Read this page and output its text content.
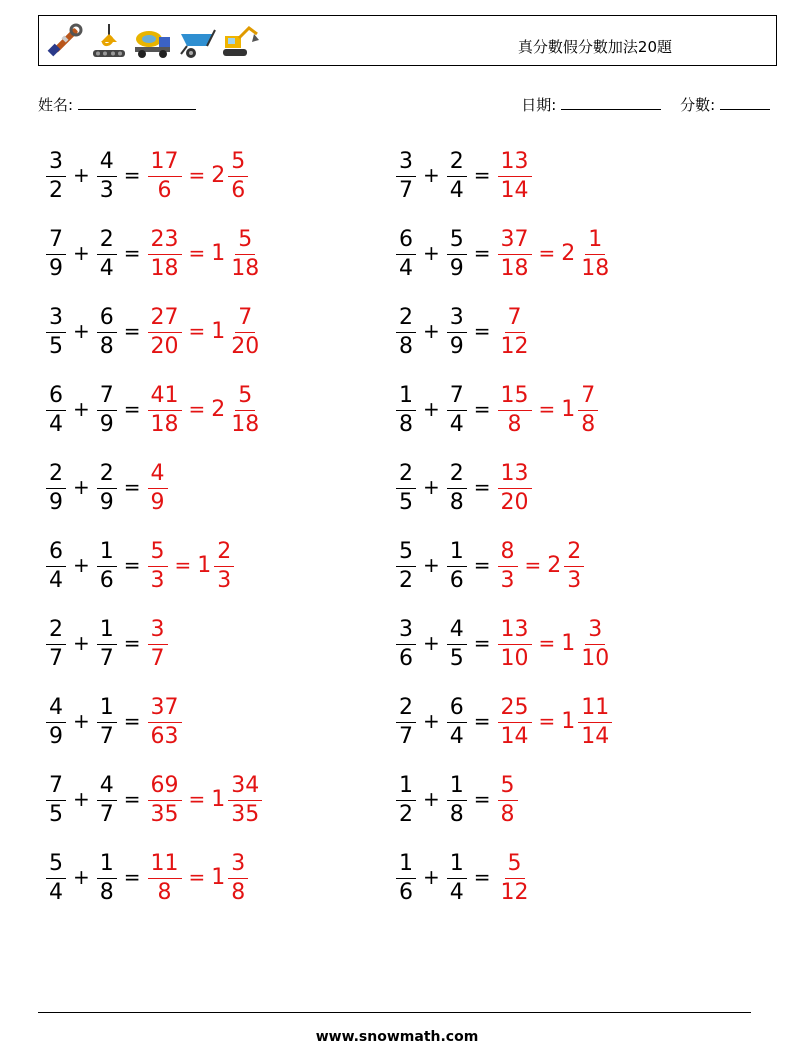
真分數假分數加法20題
姓名:	日期:	分數:
$\frac{3}{2} + \frac{4}{3} = \frac{17}{6} = 2 \frac{5}{6}$	$\frac{3}{7} + \frac{2}{4} = \frac{13}{14}$
$\frac{7}{9} + \frac{2}{4} = \frac{23}{18} = 1 \frac{5}{18}$	$\frac{6}{4} + \frac{5}{9} = \frac{37}{18} = 2 \frac{1}{18}$
$\frac{3}{5} + \frac{6}{8} = \frac{27}{20} = 1 \frac{7}{20}$	$\frac{2}{8} + \frac{3}{9} = \frac{7}{12}$
$\frac{6}{4} + \frac{7}{9} = \frac{41}{18} = 2 \frac{5}{18}$	$\frac{1}{8} + \frac{7}{4} = \frac{15}{8} = 1 \frac{7}{8}$
$\frac{2}{9} + \frac{2}{9} = \frac{4}{9}$	$\frac{2}{5} + \frac{2}{8} = \frac{13}{20}$
$\frac{6}{4} + \frac{1}{6} = \frac{5}{3} = 1 \frac{2}{3}$	$\frac{5}{2} + \frac{1}{6} = \frac{8}{3} = 2 \frac{2}{3}$
$\frac{2}{7} + \frac{1}{7} = \frac{3}{7}$	$\frac{3}{6} + \frac{4}{5} = \frac{13}{10} = 1 \frac{3}{10}$
$\frac{4}{9} + \frac{1}{7} = \frac{37}{63}$	$\frac{2}{7} + \frac{6}{4} = \frac{25}{14} = 1 \frac{11}{14}$
$\frac{7}{5} + \frac{4}{7} = \frac{69}{35} = 1 \frac{34}{35}$	$\frac{1}{2} + \frac{1}{8} = \frac{5}{8}$
$\frac{5}{4} + \frac{1}{8} = \frac{11}{8} = 1 \frac{3}{8}$	$\frac{1}{6} + \frac{1}{4} = \frac{5}{12}$
www.snowmath.com
